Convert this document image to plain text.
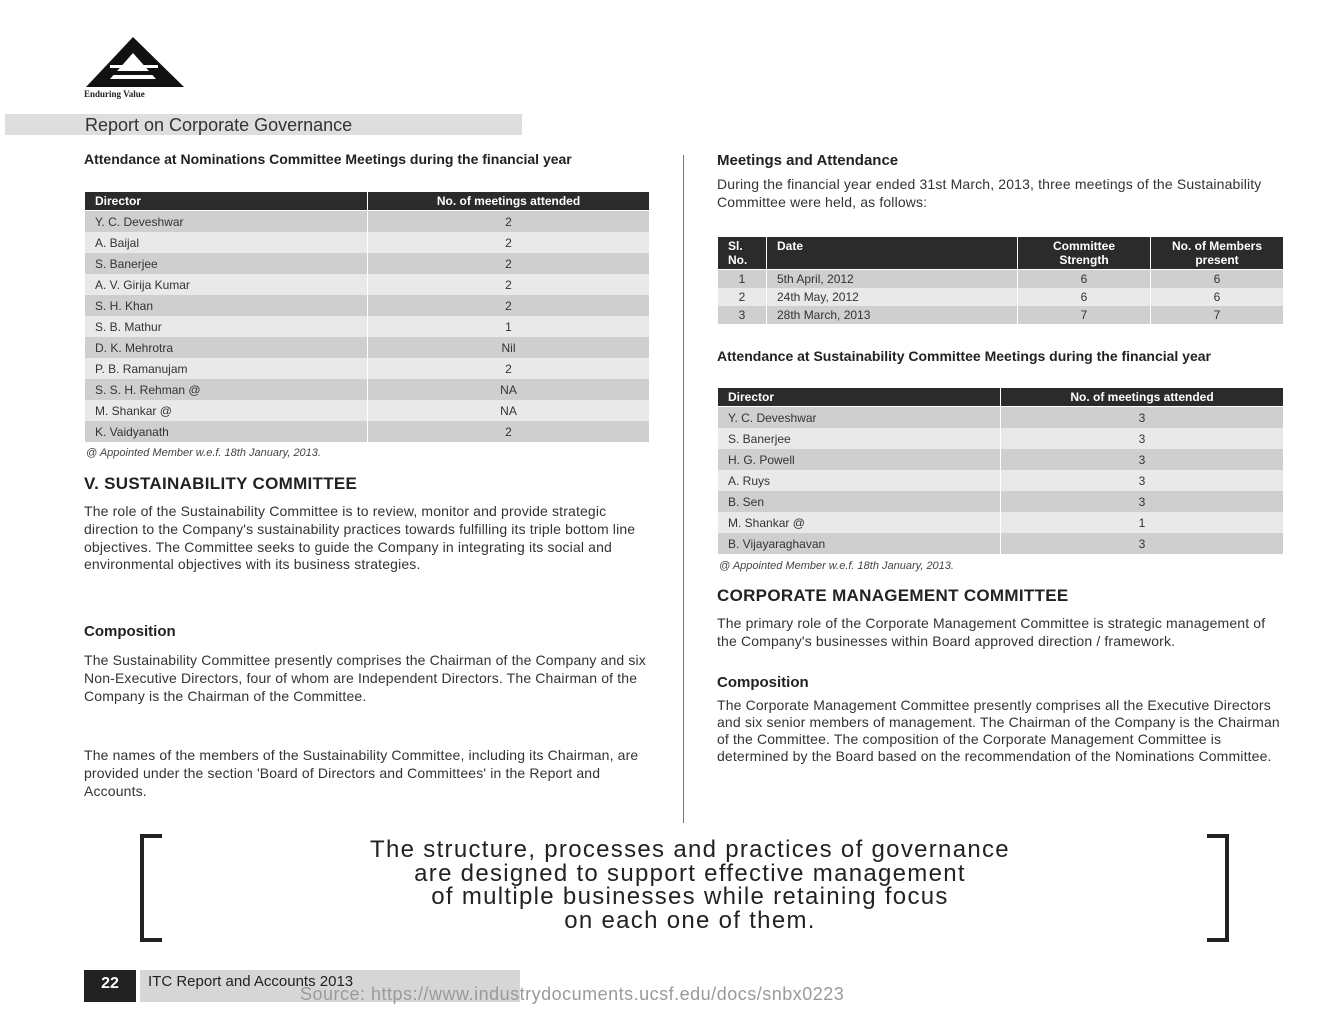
Enduring Value
Report on Corporate Governance
Attendance at Nominations Committee Meetings during the financial year
Director	No. of meetings attended
Y. C. Deveshwar	2
A. Baijal	2
S. Banerjee	2
A. V. Girija Kumar	2
S. H. Khan	2
S. B. Mathur	1
D. K. Mehrotra	Nil
P. B. Ramanujam	2
S. S. H. Rehman @	NA
M. Shankar @	NA
K. Vaidyanath	2
@ Appointed Member w.e.f. 18th January, 2013.
V. SUSTAINABILITY COMMITTEE
The role of the Sustainability Committee is to review, monitor and provide strategic direction to the Company's sustainability practices towards fulfilling its triple bottom line objectives. The Committee seeks to guide the Company in integrating its social and environmental objectives with its business strategies.
Composition
The Sustainability Committee presently comprises the Chairman of the Company and six Non-Executive Directors, four of whom are Independent Directors. The Chairman of the Company is the Chairman of the Committee.
The names of the members of the Sustainability Committee, including its Chairman, are provided under the section 'Board of Directors and Committees' in the Report and Accounts.
Meetings and Attendance
During the financial year ended 31st March, 2013, three meetings of the Sustainability Committee were held, as follows:
Sl. No.	Date	Committee Strength	No. of Members present
1	5th April, 2012	6	6
2	24th May, 2012	6	6
3	28th March, 2013	7	7
Attendance at Sustainability Committee Meetings during the financial year
Director	No. of meetings attended
Y. C. Deveshwar	3
S. Banerjee	3
H. G. Powell	3
A. Ruys	3
B. Sen	3
M. Shankar @	1
B. Vijayaraghavan	3
@ Appointed Member w.e.f. 18th January, 2013.
CORPORATE MANAGEMENT COMMITTEE
The primary role of the Corporate Management Committee is strategic management of the Company's businesses within Board approved direction / framework.
Composition
The Corporate Management Committee presently comprises all the Executive Directors and six senior members of management. The Chairman of the Company is the Chairman of the Committee. The composition of the Corporate Management Committee is determined by the Board based on the recommendation of the Nominations Committee.
The structure, processes and practices of governance
are designed to support effective management
of multiple businesses while retaining focus
on each one of them.
22	ITC Report and Accounts 2013
Source: https://www.industrydocuments.ucsf.edu/docs/snbx0223
